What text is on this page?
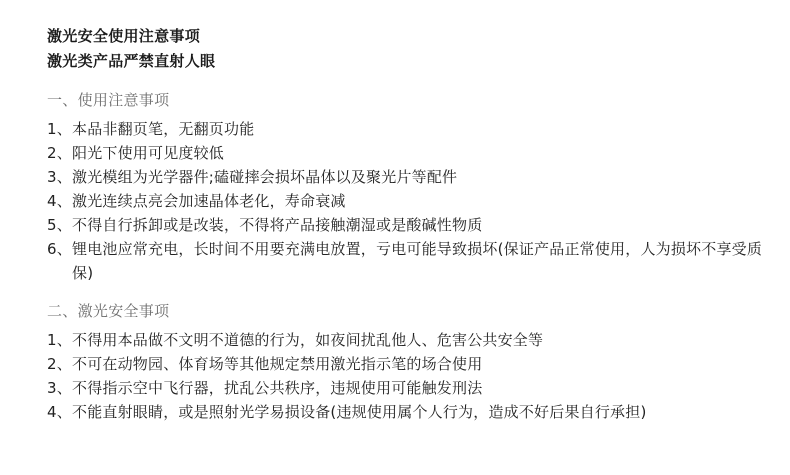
激光安全使用注意事项
激光类产品严禁直射人眼
一、使用注意事项
1、 本品非翻页笔，无翻页功能
2、 阳光下使用可见度较低
3、 激光模组为光学器件;磕碰摔会损坏晶体以及聚光片等配件
4、 激光连续点亮会加速晶体老化，寿命衰减
5、 不得自行拆卸或是改装，不得将产品接触潮湿或是酸碱性物质
6、 锂电池应常充电，长时间不用要充满电放置，亏电可能导致损坏(保证产品正常使用，人为损坏不享受质保)
二、激光安全事项
1、 不得用本品做不文明不道德的行为，如夜间扰乱他人、危害公共安全等
2、 不可在动物园、体育场等其他规定禁用激光指示笔的场合使用
3、 不得指示空中飞行器，扰乱公共秩序，违规使用可能触发刑法
4、 不能直射眼睛，或是照射光学易损设备(违规使用属个人行为，造成不好后果自行承担)
